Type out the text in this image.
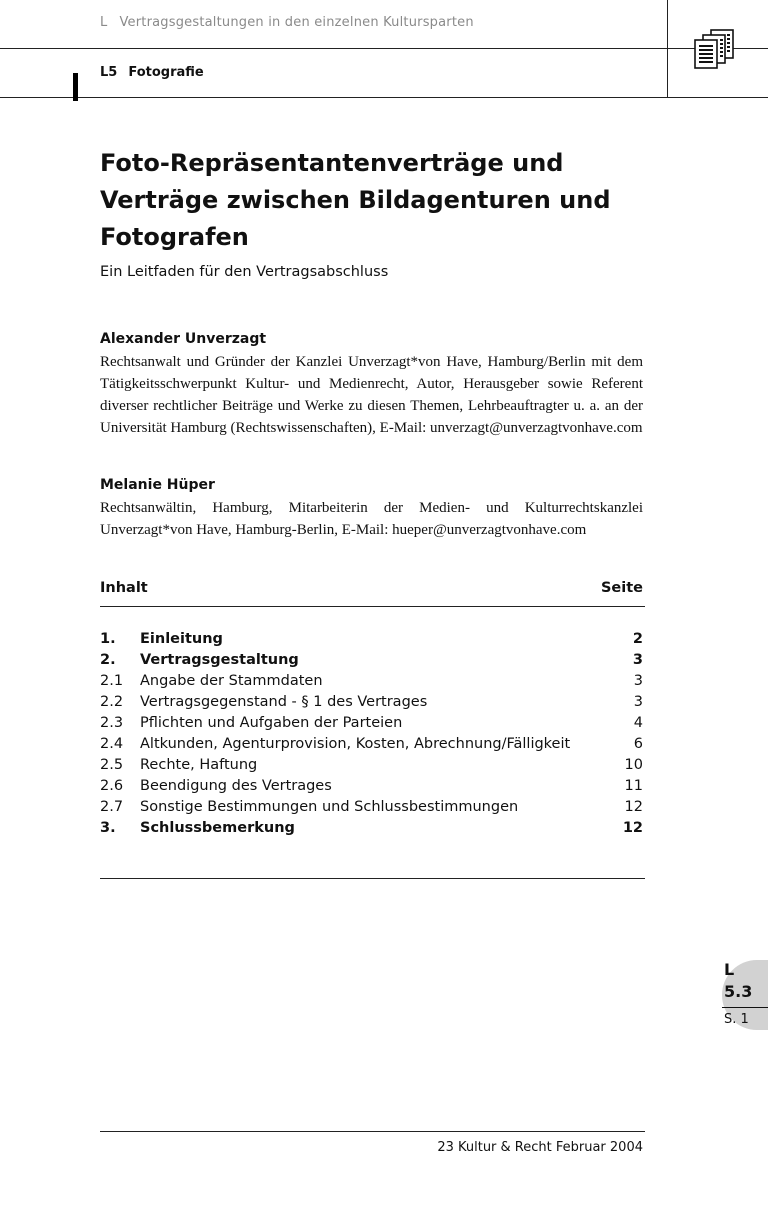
L Vertragsgestaltungen in den einzelnen Kultursparten
L5 Fotografie
Foto-Repräsentantenverträge und Verträge zwischen Bildagenturen und Fotografen
Ein Leitfaden für den Vertragsabschluss
Alexander Unverzagt

Rechtsanwalt und Gründer der Kanzlei Unverzagt*von Have, Hamburg/Berlin mit dem Tätigkeitsschwerpunkt Kultur- und Medienrecht, Autor, Herausgeber sowie Referent diverser rechtlicher Beiträge und Werke zu diesen Themen, Lehrbeauftragter u. a. an der Universität Hamburg (Rechtswissenschaften), E-Mail: unverzagt@unverzagtvonhave.com

Melanie Hüper

Rechtsanwältin, Hamburg, Mitarbeiterin der Medien- und Kulturrechtskanzlei Unverzagt*von Have, Hamburg-Berlin, E-Mail: hueper@unverzagtvonhave.com

Inhalt	Seite
1. Einleitung	2
2. Vertragsgestaltung	3
2.1 Angabe der Stammdaten	3
2.2 Vertragsgegenstand - § 1 des Vertrages	3
2.3 Pflichten und Aufgaben der Parteien	4
2.4 Altkunden, Agenturprovision, Kosten, Abrechnung/Fälligkeit	6
2.5 Rechte, Haftung	10
2.6 Beendigung des Vertrages	11
2.7 Sonstige Bestimmungen und Schlussbestimmungen	12
3. Schlussbemerkung	12
L
5.3
S. 1
23 Kultur & Recht Februar 2004
